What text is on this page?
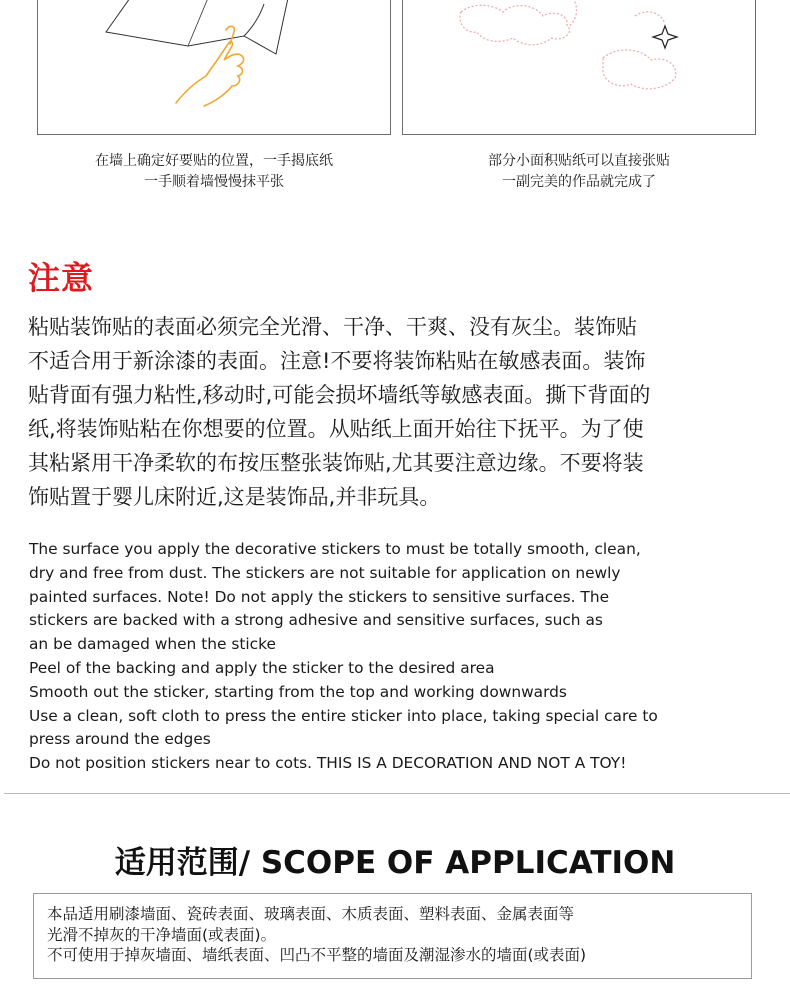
在墙上确定好要贴的位置，一手揭底纸
一手顺着墙慢慢抹平张
部分小面积贴纸可以直接张贴
一副完美的作品就完成了
注意
粘贴装饰贴的表面必须完全光滑、干净、干爽、没有灰尘。装饰贴
不适合用于新涂漆的表面。注意!不要将装饰粘贴在敏感表面。装饰
贴背面有强力粘性,移动时,可能会损坏墙纸等敏感表面。撕下背面的
纸,将装饰贴粘在你想要的位置。从贴纸上面开始往下抚平。为了使
其粘紧用干净柔软的布按压整张装饰贴,尤其要注意边缘。不要将装
饰贴置于婴儿床附近,这是装饰品,并非玩具。
The surface you apply the decorative stickers to must be totally smooth, clean,
dry and free from dust. The stickers are not suitable for application on newly
painted surfaces. Note! Do not apply the stickers to sensitive surfaces. The
stickers are backed with a strong adhesive and sensitive surfaces, such as
an be damaged when the sticke
Peel of the backing and apply the sticker to the desired area
Smooth out the sticker, starting from the top and working downwards
Use a clean, soft cloth to press the entire sticker into place, taking special care to
press around the edges
Do not position stickers near to cots. THIS IS A DECORATION AND NOT A TOY!
适用范围/ SCOPE OF APPLICATION
本品适用刷漆墙面、瓷砖表面、玻璃表面、木质表面、塑料表面、金属表面等
光滑不掉灰的干净墙面(或表面)。
不可使用于掉灰墙面、墙纸表面、凹凸不平整的墙面及潮湿渗水的墙面(或表面)
